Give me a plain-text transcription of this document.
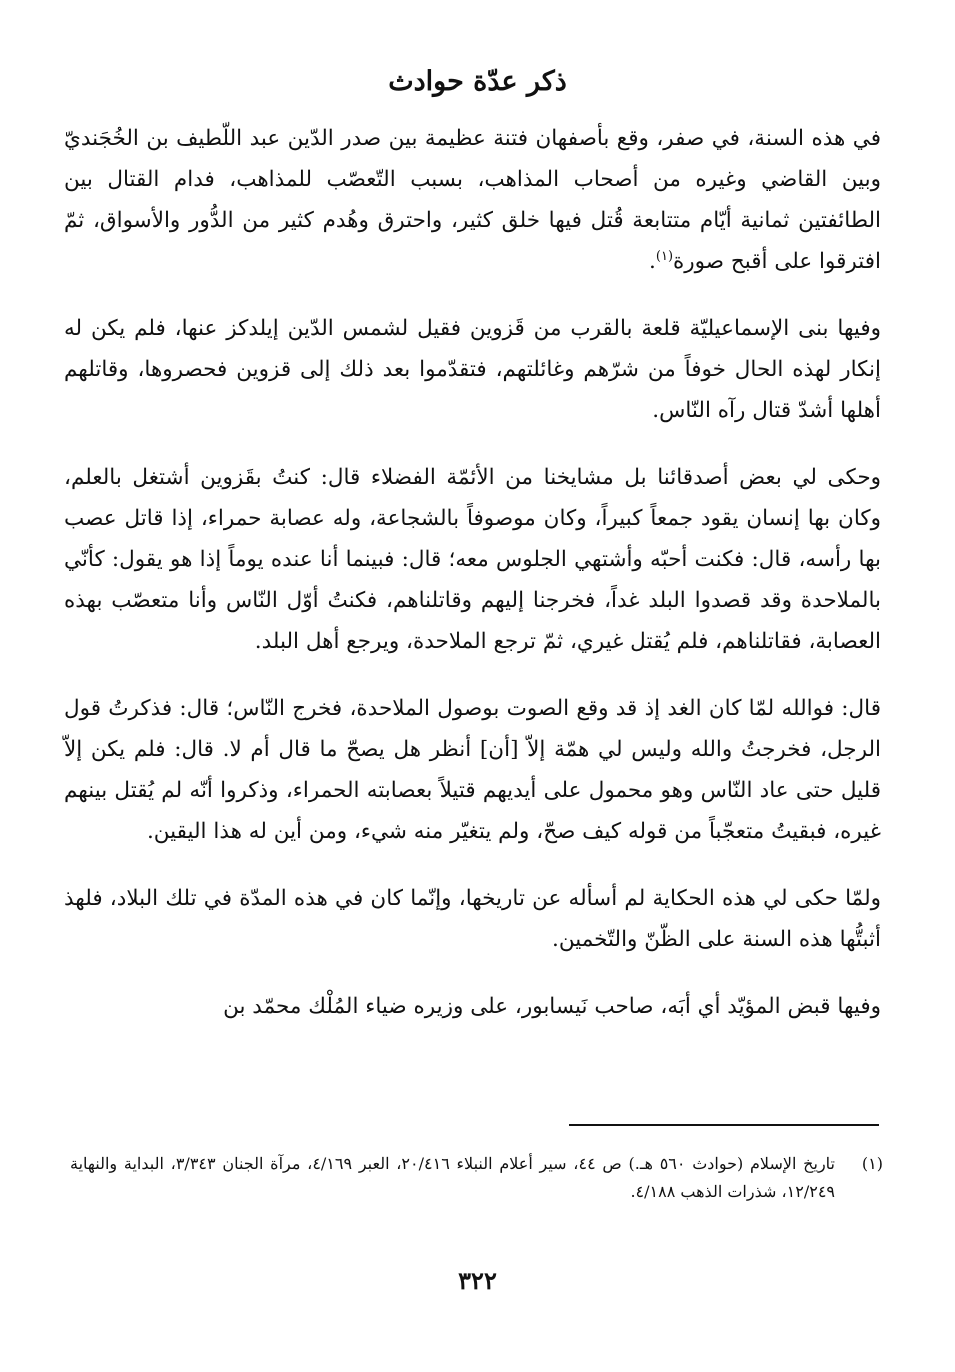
ذكر عدّة حوادث

في هذه السنة، في صفر، وقع بأصفهان فتنة عظيمة بين صدر الدّين عبد اللّطيف بن الخُجَنديّ وبين القاضي وغيره من أصحاب المذاهب، بسبب التّعصّب للمذاهب، فدام القتال بين الطائفتين ثمانية أيّام متتابعة قُتل فيها خلق كثير، واحترق وهُدم كثير من الدُّور والأسواق، ثمّ افترقوا على أقبح صورة$^{(١)}$.

وفيها بنى الإسماعيليّة قلعة بالقرب من قَزوين فقيل لشمس الدّين إيلدكز عنها، فلم يكن له إنكار لهذه الحال خوفاً من شرّهم وغائلتهم، فتقدّموا بعد ذلك إلى قزوين فحصروها، وقاتلهم أهلها أشدّ قتال رآه النّاس.

وحكى لي بعض أصدقائنا بل مشايخنا من الأئمّة الفضلاء قال: كنتُ بقَزوين أشتغل بالعلم، وكان بها إنسان يقود جمعاً كبيراً، وكان موصوفاً بالشجاعة، وله عصابة حمراء، إذا قاتل عصب بها رأسه، قال: فكنت أحبّه وأشتهي الجلوس معه؛ قال: فبينما أنا عنده يوماً إذا هو يقول: كأنّي بالملاحدة وقد قصدوا البلد غداً، فخرجنا إليهم وقاتلناهم، فكنتُ أوّل النّاس وأنا متعصّب بهذه العصابة، فقاتلناهم، فلم يُقتل غيري، ثمّ ترجع الملاحدة، ويرجع أهل البلد.

قال: فوالله لمّا كان الغد إذ قد وقع الصوت بوصول الملاحدة، فخرج النّاس؛ قال: فذكرتُ قول الرجل، فخرجتُ والله وليس لي همّة إلاّ [أن] أنظر هل يصحّ ما قال أم لا. قال: فلم يكن إلاّ قليل حتى عاد النّاس وهو محمول على أيديهم قتيلاً بعصابته الحمراء، وذكروا أنّه لم يُقتل بينهم غيره، فبقيتُ متعجّباً من قوله كيف صحّ، ولم يتغيّر منه شيء، ومن أين له هذا اليقين.

ولمّا حكى لي هذه الحكاية لم أسأله عن تاريخها، وإنّما كان في هذه المدّة في تلك البلاد، فلهذ أثبتُّها هذه السنة على الظّنّ والتّخمين.

وفيها قبض المؤيّد أي أبَه، صاحب نَيسابور، على وزيره ضياء المُلْك محمّد بن

(١)
تاريخ الإسلام (حوادث ٥٦٠ هـ.) ص ٤٤، سير أعلام النبلاء ٢٠/٤١٦، العبر ٤/١٦٩، مرآة الجنان ٣/٣٤٣، البداية والنهاية ١٢/٢٤٩، شذرات الذهب ٤/١٨٨.
٣٢٢
